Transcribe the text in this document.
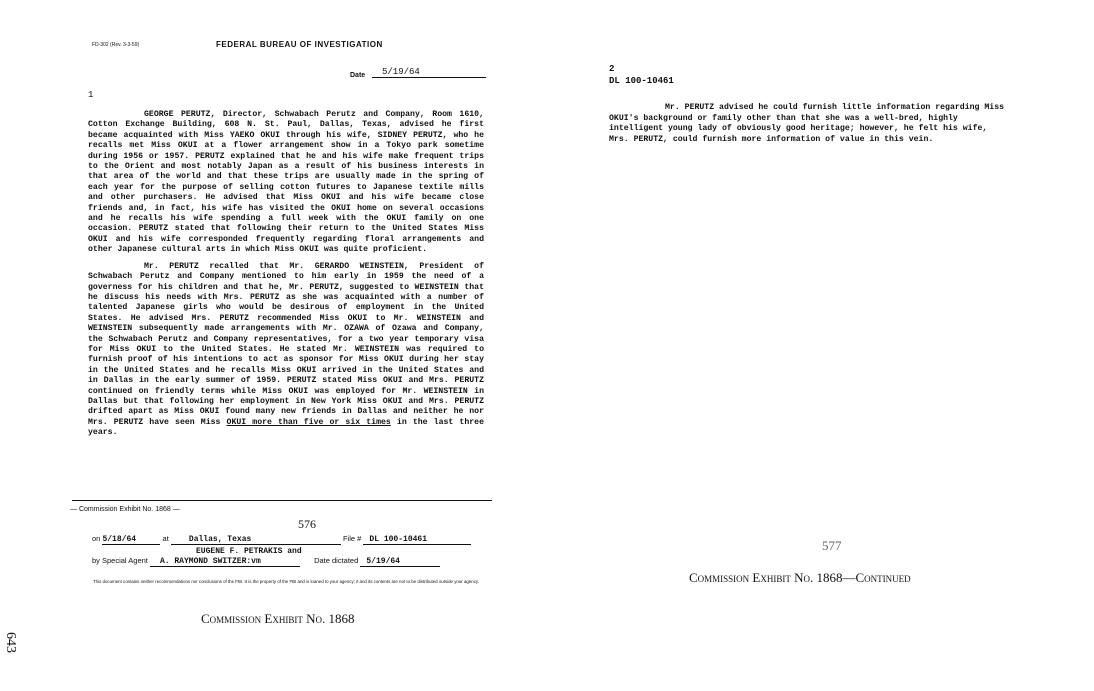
FD-302 (Rev. 3-3-59)	FEDERAL BUREAU OF INVESTIGATION
Date	5/19/64
1

GEORGE PERUTZ, Director, Schwabach Perutz and Company, Room 1610, Cotton Exchange Building, 608 N. St. Paul, Dallas, Texas, advised he first became acquainted with Miss YAEKO OKUI through his wife, SIDNEY PERUTZ, who he recalls met Miss OKUI at a flower arrangement show in a Tokyo park sometime during 1956 or 1957. PERUTZ explained that he and his wife make frequent trips to the Orient and most notably Japan as a result of his business interests in that area of the world and that these trips are usually made in the spring of each year for the purpose of selling cotton futures to Japanese textile mills and other purchasers. He advised that Miss OKUI and his wife became close friends and, in fact, his wife has visited the OKUI home on several occasions and he recalls his wife spending a full week with the OKUI family on one occasion. PERUTZ stated that following their return to the United States Miss OKUI and his wife corresponded frequently regarding floral arrangements and other Japanese cultural arts in which Miss OKUI was quite proficient.

Mr. PERUTZ recalled that Mr. GERARDO WEINSTEIN, President of Schwabach Perutz and Company mentioned to him early in 1959 the need of a governess for his children and that he, Mr. PERUTZ, suggested to WEINSTEIN that he discuss his needs with Mrs. PERUTZ as she was acquainted with a number of talented Japanese girls who would be desirous of employment in the United States. He advised Mrs. PERUTZ recommended Miss OKUI to Mr. WEINSTEIN and WEINSTEIN subsequently made arrangements with Mr. OZAWA of Ozawa and Company, the Schwabach Perutz and Company representatives, for a two year temporary visa for Miss OKUI to the United States. He stated Mr. WEINSTEIN was required to furnish proof of his intentions to act as sponsor for Miss OKUI during her stay in the United States and he recalls Miss OKUI arrived in the United States and in Dallas in the early summer of 1959. PERUTZ stated Miss OKUI and Mrs. PERUTZ continued on friendly terms while Miss OKUI was employed for Mr. WEINSTEIN in Dallas but that following her employment in New York Miss OKUI and Mrs. PERUTZ drifted apart as Miss OKUI found many new friends in Dallas and neither he nor Mrs. PERUTZ have seen Miss OKUI more than five or six times in the last three years.

— Commission Exhibit No. 1868 —
576
on 5/18/64	at	Dallas, Texas	File # DL 100-10461
EUGENE F. PETRAKIS and
by Special Agent A. RAYMOND SWITZER:vm	Date dictated 5/19/64
This document contains neither recommendations nor conclusions of the FBI. It is the property of the FBI and is loaned to your agency; it and its contents are not to be distributed outside your agency.
Commission Exhibit No. 1868
643
2
DL 100-10461

Mr. PERUTZ advised he could furnish little information regarding Miss OKUI's background or family other than that she was a well-bred, highly intelligent young lady of obviously good heritage; however, he felt his wife, Mrs. PERUTZ, could furnish more information of value in this vein.

577
Commission Exhibit No. 1868—Continued
